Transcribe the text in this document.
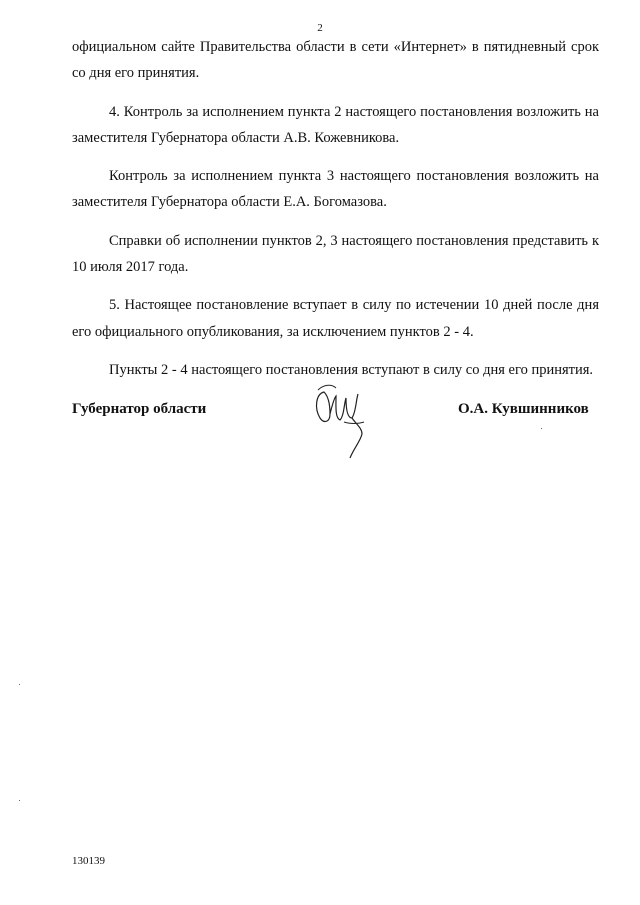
2

официальном сайте Правительства области в сети «Интернет» в пятидневный срок со дня его принятия.

4. Контроль за исполнением пункта 2 настоящего постановления возложить на заместителя Губернатора области А.В. Кожевникова.

Контроль за исполнением пункта 3 настоящего постановления возложить на заместителя Губернатора области Е.А. Богомазова.

Справки об исполнении пунктов 2, 3 настоящего постановления представить к 10 июля 2017 года.

5. Настоящее постановление вступает в силу по истечении 10 дней после дня его официального опубликования, за исключением пунктов 2 - 4.

Пункты 2 - 4 настоящего постановления вступают в силу со дня его принятия.

Губернатор области	О.А. Кувшинников
130139
